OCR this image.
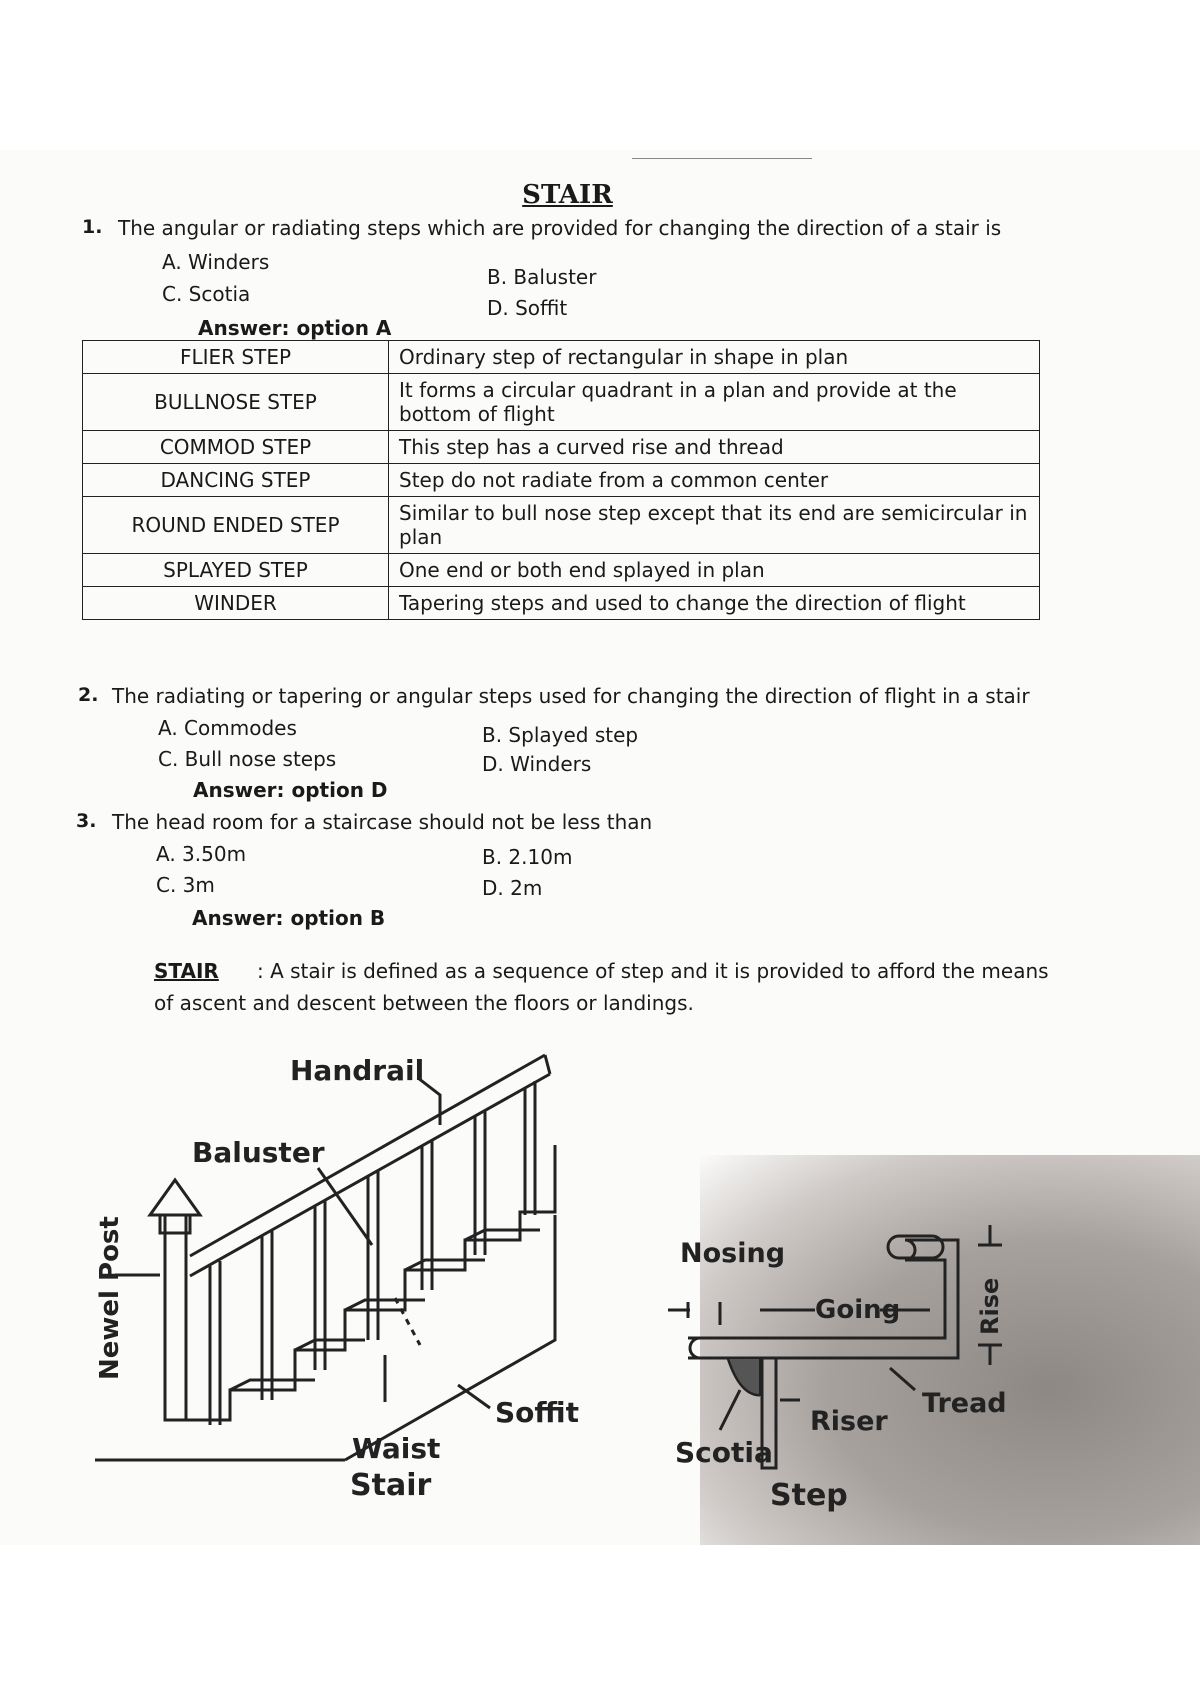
STAIR
1. The angular or radiating steps which are provided for changing the direction of a stair is
A. Winders
B. Baluster
C. Scotia
D. Soffit
Answer: option A
FLIER STEP	Ordinary step of rectangular in shape in plan
BULLNOSE STEP	It forms a circular quadrant in a plan and provide at the bottom of flight
COMMOD STEP	This step has a curved rise and thread
DANCING STEP	Step do not radiate from a common center
ROUND ENDED STEP	Similar to bull nose step except that its end are semicircular in plan
SPLAYED STEP	One end or both end splayed in plan
WINDER	Tapering steps and used to change the direction of flight
2. The radiating or tapering or angular steps used for changing the direction of flight in a stair
A. Commodes	B. Splayed step
C. Bull nose steps	D. Winders
Answer: option D
3. The head room for a staircase should not be less than
A. 3.50m	B. 2.10m
C. 3m	D. 2m
Answer: option B
STAIR : A stair is defined as a sequence of step and it is provided to afford the means of ascent and descent between the floors or landings.
Handrail
Baluster
Newel Post
Soffit
Waist
Stair
Nosing
Going	Rise
Tread
Riser
Scotia
Step
